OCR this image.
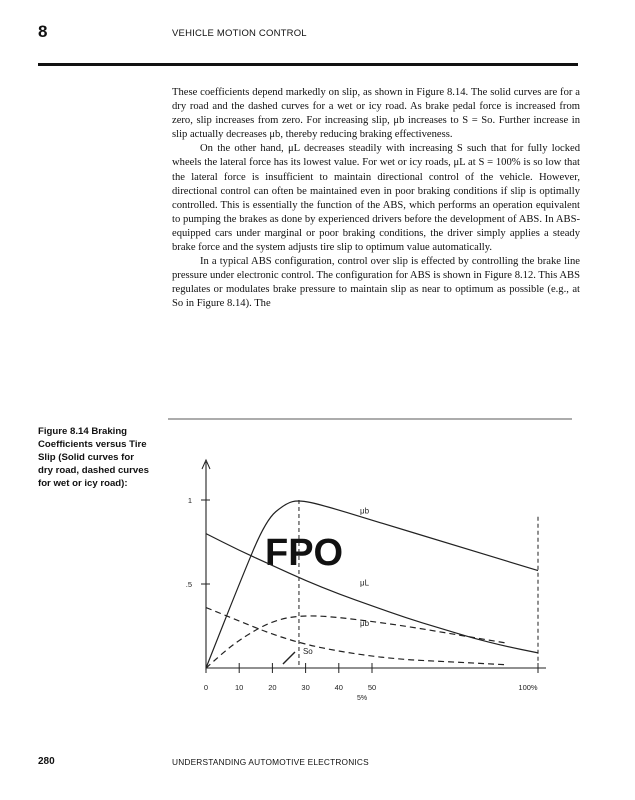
8	VEHICLE MOTION CONTROL

These coefficients depend markedly on slip, as shown in Figure 8.14. The solid curves are for a dry road and the dashed curves for a wet or icy road. As brake pedal force is increased from zero, slip increases from zero. For increasing slip, μb increases to S = So. Further increase in slip actually decreases μb, thereby reducing braking effectiveness.

On the other hand, μL decreases steadily with increasing S such that for fully locked wheels the lateral force has its lowest value. For wet or icy roads, μL at S = 100% is so low that the lateral force is insufficient to maintain directional control of the vehicle. However, directional control can often be maintained even in poor braking conditions if slip is optimally controlled. This is essentially the function of the ABS, which performs an operation equivalent to pumping the brakes as done by experienced drivers before the development of ABS. In ABS-equipped cars under marginal or poor braking conditions, the driver simply applies a steady brake force and the system adjusts tire slip to optimum value automatically.

In a typical ABS configuration, control over slip is effected by controlling the brake line pressure under electronic control. The configuration for ABS is shown in Figure 8.12. This ABS regulates or modulates brake pressure to maintain slip as near to optimum as possible (e.g., at So in Figure 8.14). The

Figure 8.14 Braking Coefficients versus Tire Slip (Solid curves for dry road, dashed curves for wet or icy road):
FPO
0	10	20	30	40	50	100%
5%
1
.5
So
μb
μL
μb
280	UNDERSTANDING AUTOMOTIVE ELECTRONICS
